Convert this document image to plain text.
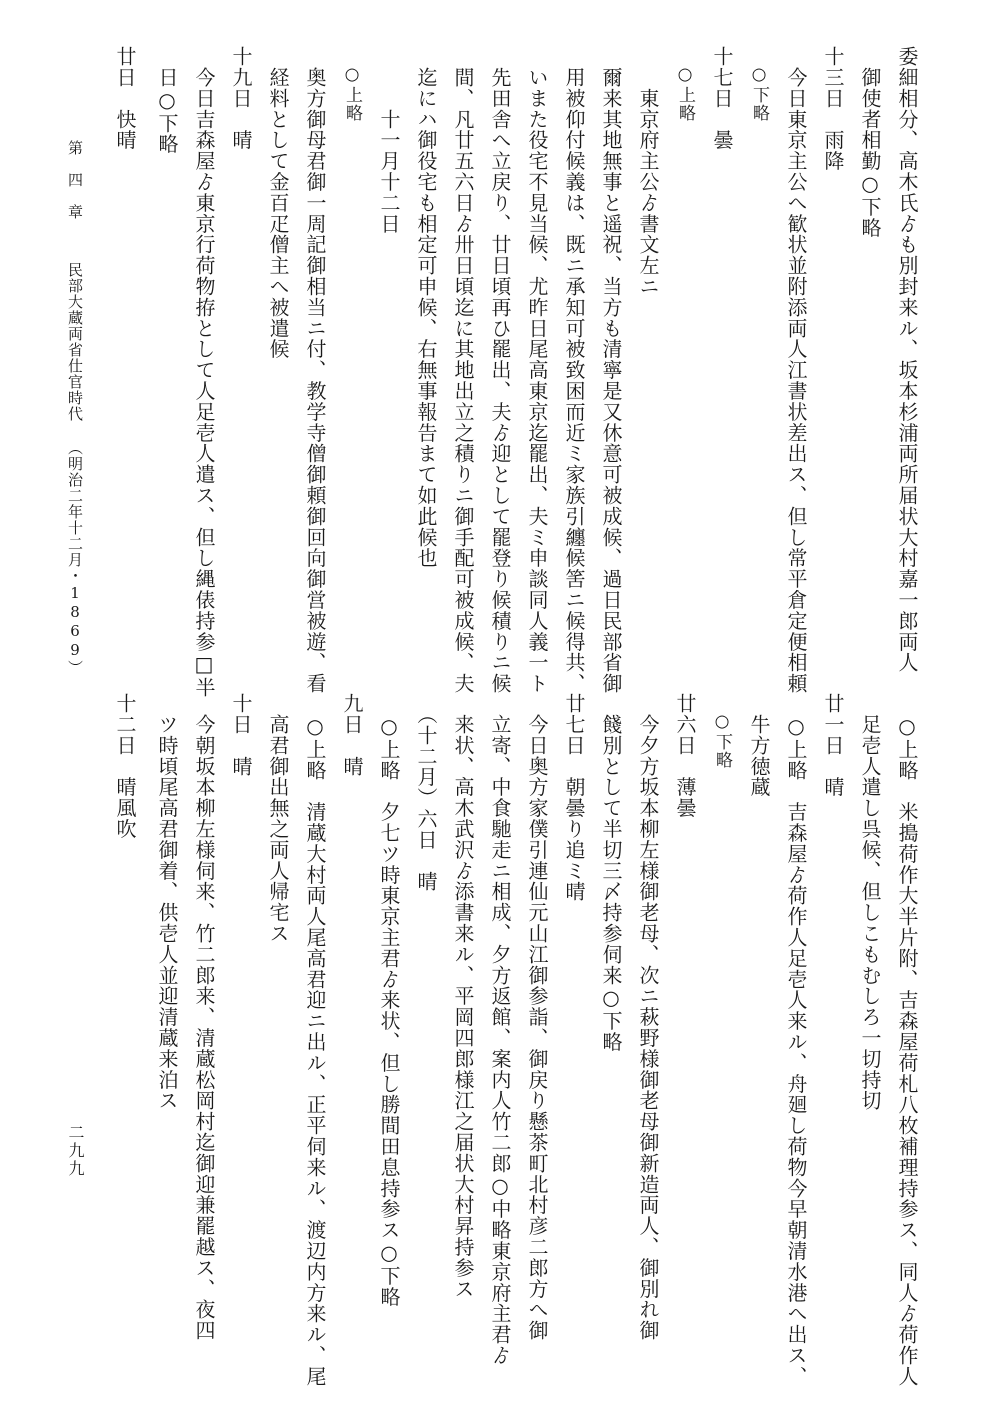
委細相分、高木氏ゟも別封来ル、坂本杉浦両所届状大村嘉一郎両人
　御使者相勤○下略
十三日　雨降
　今日東京主公へ歓状並附添両人江書状差出ス、但し常平倉定便相頼
　○下略
十七日　曇
　○上略
　　東京府主公ゟ書文左ニ
　爾来其地無事と遥祝、当方も清寧是又休意可被成候、過日民部省御
　用被仰付候義は、既ニ承知可被致困而近ミ家族引纏候筈ニ候得共、
　いまた役宅不見当候、尤昨日尾高東京迄罷出、夫ミ申談同人義一ト
　先田舎へ立戻り、廿日頃再ひ罷出、夫ゟ迎として罷登り候積りニ候
　間、凡廿五六日ゟ卅日頃迄に其地出立之積りニ御手配可被成候、夫
　迄にハ御役宅も相定可申候、右無事報告まて如此候也
　　　十一月十二日
　○上略
　奥方御母君御一周記御相当ニ付、教学寺僧御頼御回向御営被遊、看
　経料として金百疋僧主へ被遣候
十九日　晴
　今日吉森屋ゟ東京行荷物拵として人足壱人遣ス、但し縄俵持参□半
　日○下略
廿日　快晴
第　四　章
民部大蔵両省仕官時代
（明治二年十二月・1869）
　○上略　米搗荷作大半片附、吉森屋荷札八枚補理持参ス、同人ゟ荷作人
　足壱人遣し呉候、但しこもむしろ一切持切
廿一日　晴
　○上略　吉森屋ゟ荷作人足壱人来ル、舟廻し荷物今早朝清水港へ出ス、
　牛方徳蔵
　○下略
廿六日　薄曇
　今夕方坂本柳左様御老母、次ニ萩野様御老母御新造両人、御別れ御
　餞別として半切三〆持参伺来○下略
廿七日　朝曇り追ミ晴
　今日奥方家僕引連仙元山江御参詣、御戻り懸茶町北村彦二郎方へ御
　立寄、中食馳走ニ相成、夕方返館、案内人竹二郎○中略東京府主君ゟ
　来状、高木武沢ゟ添書来ル、平岡四郎様江之届状大村昇持参ス
　（十二月）六日　晴
　○上略　夕七ツ時東京主君ゟ来状、但し勝間田息持参ス○下略
九日　晴
　○上略　清蔵大村両人尾高君迎ニ出ル、正平伺来ル、渡辺内方来ル、尾
　高君御出無之両人帰宅ス
十日　晴
　今朝坂本柳左様伺来、竹二郎来、清蔵松岡村迄御迎兼罷越ス、夜四
　ツ時頃尾高君御着、供壱人並迎清蔵来泊ス
十二日　晴風吹
二九九
